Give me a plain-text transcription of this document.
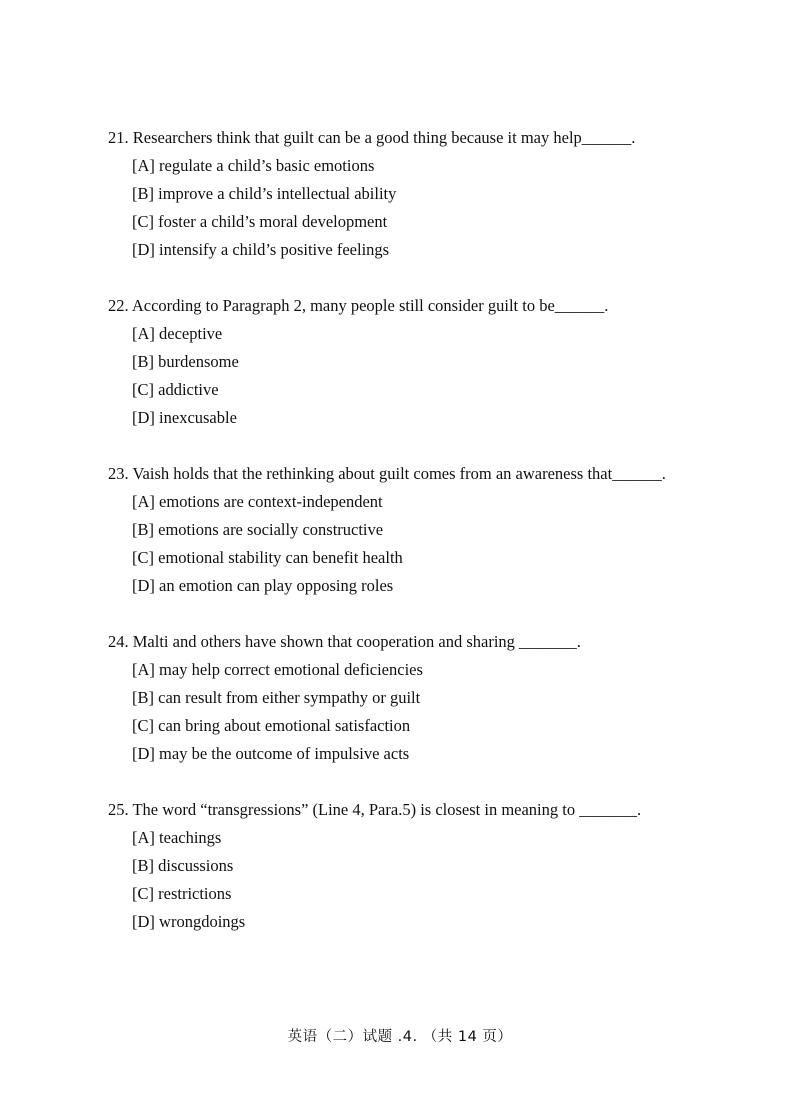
21. Researchers think that guilt can be a good thing because it may help______.
[A] regulate a child’s basic emotions
[B] improve a child’s intellectual ability
[C] foster a child’s moral development
[D] intensify a child’s positive feelings
22. According to Paragraph 2, many people still consider guilt to be______.
[A] deceptive
[B] burdensome
[C] addictive
[D] inexcusable
23. Vaish holds that the rethinking about guilt comes from an awareness that______.
[A] emotions are context-independent
[B] emotions are socially constructive
[C] emotional stability can benefit health
[D] an emotion can play opposing roles
24. Malti and others have shown that cooperation and sharing _______.
[A] may help correct emotional deficiencies
[B] can result from either sympathy or guilt
[C] can bring about emotional satisfaction
[D] may be the outcome of impulsive acts
25. The word “transgressions” (Line 4, Para.5) is closest in meaning to _______.
[A] teachings
[B] discussions
[C] restrictions
[D] wrongdoings
英语（二）试题 .4. （共 14 页）
